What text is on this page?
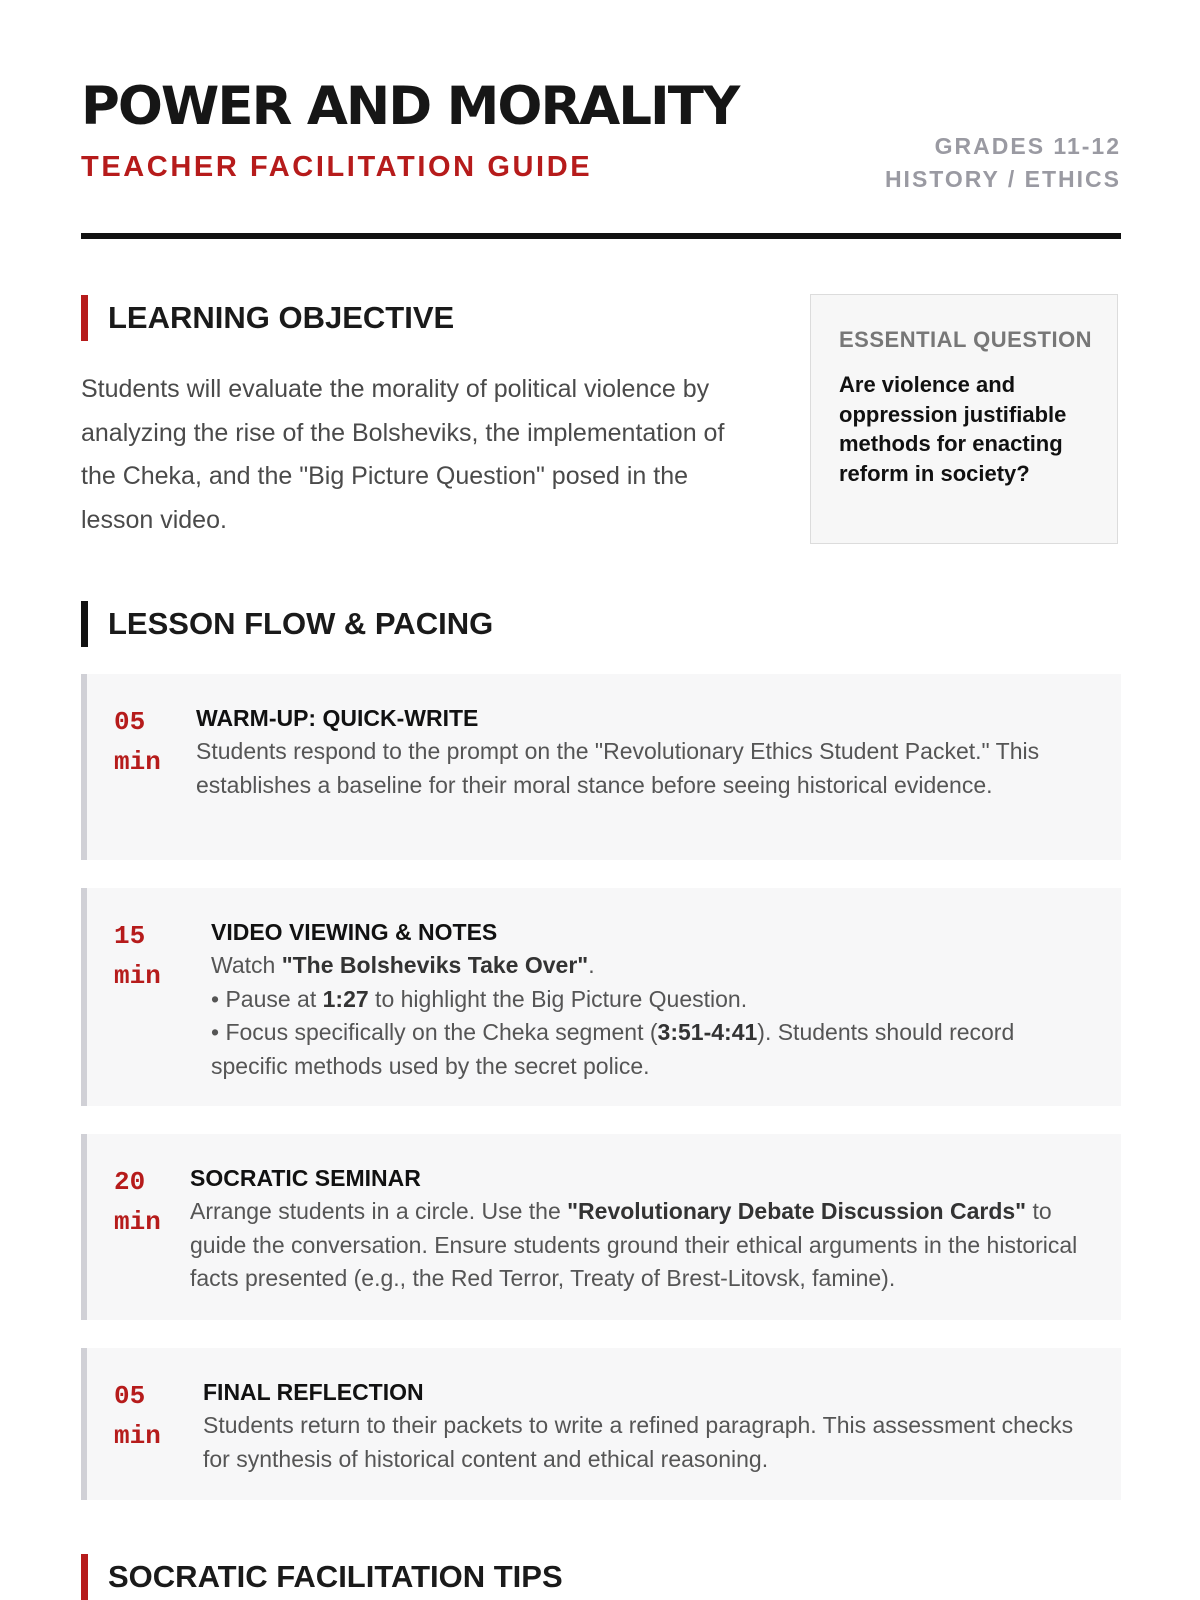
POWER AND MORALITY
TEACHER FACILITATION GUIDE
GRADES 11-12
HISTORY / ETHICS
LEARNING OBJECTIVE
Students will evaluate the morality of political violence by analyzing the rise of the Bolsheviks, the implementation of the Cheka, and the "Big Picture Question" posed in the lesson video.
ESSENTIAL QUESTION
Are violence and oppression justifiable methods for enacting reform in society?
LESSON FLOW & PACING
05
min
WARM-UP: QUICK-WRITE
Students respond to the prompt on the "Revolutionary Ethics Student Packet." This establishes a baseline for their moral stance before seeing historical evidence.
15
min
VIDEO VIEWING & NOTES
Watch "The Bolsheviks Take Over".
• Pause at 1:27 to highlight the Big Picture Question.
• Focus specifically on the Cheka segment (3:51-4:41). Students should record specific methods used by the secret police.
20
min
SOCRATIC SEMINAR
Arrange students in a circle. Use the "Revolutionary Debate Discussion Cards" to guide the conversation. Ensure students ground their ethical arguments in the historical facts presented (e.g., the Red Terror, Treaty of Brest-Litovsk, famine).
05
min
FINAL REFLECTION
Students return to their packets to write a refined paragraph. This assessment checks for synthesis of historical content and ethical reasoning.
SOCRATIC FACILITATION TIPS
